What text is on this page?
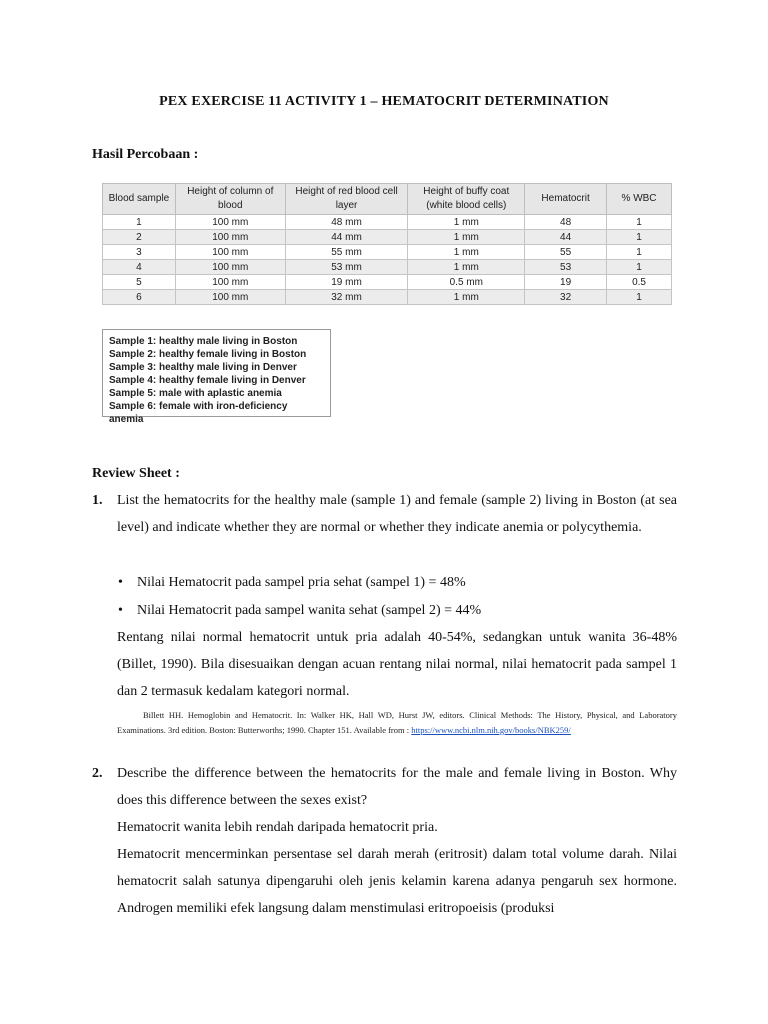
PEX EXERCISE 11 ACTIVITY 1 – HEMATOCRIT DETERMINATION
Hasil Percobaan :
Blood sample	Height of column of blood	Height of red blood cell layer	Height of buffy coat (white blood cells)	Hematocrit	% WBC
1	100 mm	48 mm	1 mm	48	1
2	100 mm	44 mm	1 mm	44	1
3	100 mm	55 mm	1 mm	55	1
4	100 mm	53 mm	1 mm	53	1
5	100 mm	19 mm	0.5 mm	19	0.5
6	100 mm	32 mm	1 mm	32	1
Sample 1: healthy male living in Boston
Sample 2: healthy female living in Boston
Sample 3: healthy male living in Denver
Sample 4: healthy female living in Denver
Sample 5: male with aplastic anemia
Sample 6: female with iron-deficiency anemia
Review Sheet :
1. List the hematocrits for the healthy male (sample 1) and female (sample 2) living in Boston (at sea level) and indicate whether they are normal or whether they indicate anemia or polycythemia.
• Nilai Hematocrit pada sampel pria sehat (sampel 1) = 48%
• Nilai Hematocrit pada sampel wanita sehat (sampel 2) = 44%
Rentang nilai normal hematocrit untuk pria adalah 40-54%, sedangkan untuk wanita 36-48% (Billet, 1990). Bila disesuaikan dengan acuan rentang nilai normal, nilai hematocrit pada sampel 1 dan 2 termasuk kedalam kategori normal.
Billett HH. Hemoglobin and Hematocrit. In: Walker HK, Hall WD, Hurst JW, editors. Clinical Methods: The History, Physical, and Laboratory Examinations. 3rd edition. Boston: Butterworths; 1990. Chapter 151. Available from : https://www.ncbi.nlm.nih.gov/books/NBK259/
2. Describe the difference between the hematocrits for the male and female living in Boston. Why does this difference between the sexes exist?
Hematocrit wanita lebih rendah daripada hematocrit pria.
Hematocrit mencerminkan persentase sel darah merah (eritrosit) dalam total volume darah. Nilai hematocrit salah satunya dipengaruhi oleh jenis kelamin karena adanya pengaruh sex hormone. Androgen memiliki efek langsung dalam menstimulasi eritropoeisis (produksi
